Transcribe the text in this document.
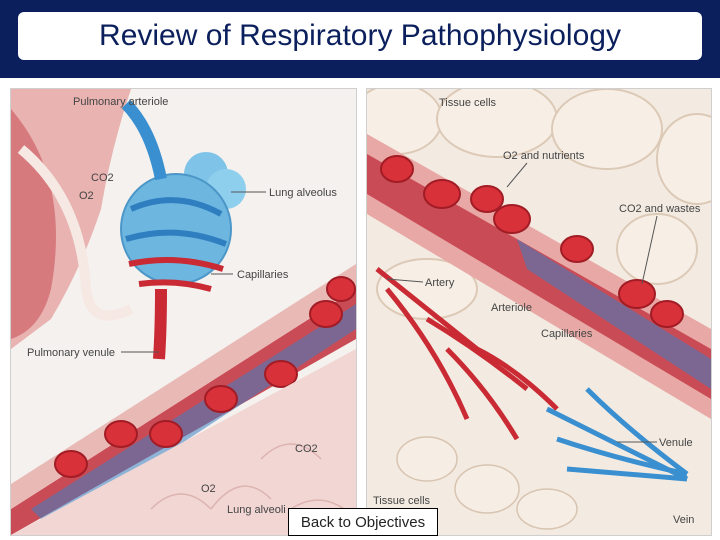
Review of Respiratory Pathophysiology
Pulmonary arteriole
CO2
O2	Lung alveolus
Capillaries
Pulmonary venule
CO2
O2
Lung alveoli
Tissue cells
O2 and nutrients
CO2 and wastes
Artery
Arteriole
Capillaries
Venule
Tissue cells
Vein
Back to Objectives
